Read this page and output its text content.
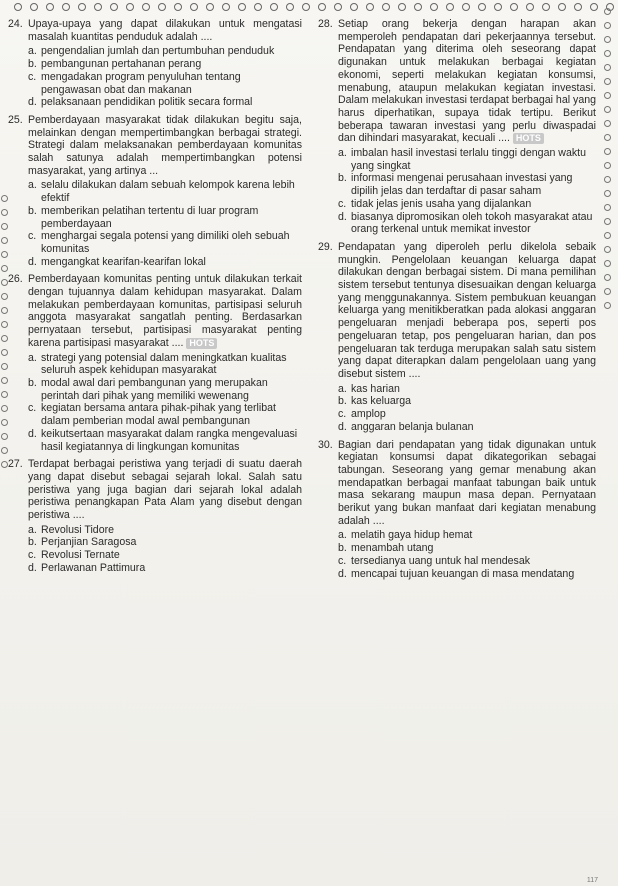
24. Upaya-upaya yang dapat dilakukan untuk mengatasi masalah kuantitas penduduk adalah ....
a. pengendalian jumlah dan pertumbuhan penduduk
b. pembangunan pertahanan perang
c. mengadakan program penyuluhan tentang pengawasan obat dan makanan
d. pelaksanaan pendidikan politik secara formal
25. Pemberdayaan masyarakat tidak dilakukan begitu saja, melainkan dengan mempertimbangkan berbagai strategi. Strategi dalam melaksanakan pemberdayaan komunitas salah satunya adalah mempertimbangkan potensi masyarakat, yang artinya ...
a. selalu dilakukan dalam sebuah kelompok karena lebih efektif
b. memberikan pelatihan tertentu di luar program pemberdayaan
c. menghargai segala potensi yang dimiliki oleh sebuah komunitas
d. mengangkat kearifan-kearifan lokal
26. Pemberdayaan komunitas penting untuk dilakukan terkait dengan tujuannya dalam kehidupan masyarakat. Dalam melakukan pemberdayaan komunitas, partisipasi seluruh anggota masyarakat sangatlah penting. Berdasarkan pernyataan tersebut, partisipasi masyarakat penting karena partisipasi masyarakat .... HOTS
a. strategi yang potensial dalam meningkatkan kualitas seluruh aspek kehidupan masyarakat
b. modal awal dari pembangunan yang merupakan perintah dari pihak yang memiliki wewenang
c. kegiatan bersama antara pihak-pihak yang terlibat dalam pemberian modal awal pembangunan
d. keikutsertaan masyarakat dalam rangka mengevaluasi hasil kegiatannya di lingkungan komunitas
27. Terdapat berbagai peristiwa yang terjadi di suatu daerah yang dapat disebut sebagai sejarah lokal. Salah satu peristiwa yang juga bagian dari sejarah lokal adalah peristiwa penangkapan Pata Alam yang disebut dengan peristiwa ....
a. Revolusi Tidore
b. Perjanjian Saragosa
c. Revolusi Ternate
d. Perlawanan Pattimura
28. Setiap orang bekerja dengan harapan akan memperoleh pendapatan dari pekerjaannya tersebut. Pendapatan yang diterima oleh seseorang dapat digunakan untuk melakukan berbagai kegiatan ekonomi, seperti melakukan kegiatan konsumsi, menabung, ataupun melakukan kegiatan investasi. Dalam melakukan investasi terdapat berbagai hal yang harus diperhatikan, supaya tidak tertipu. Berikut beberapa tawaran investasi yang perlu diwaspadai dan dihindari masyarakat, kecuali .... HOTS
a. imbalan hasil investasi terlalu tinggi dengan waktu yang singkat
b. informasi mengenai perusahaan investasi yang dipilih jelas dan terdaftar di pasar saham
c. tidak jelas jenis usaha yang dijalankan
d. biasanya dipromosikan oleh tokoh masyarakat atau orang terkenal untuk memikat investor
29. Pendapatan yang diperoleh perlu dikelola sebaik mungkin. Pengelolaan keuangan keluarga dapat dilakukan dengan berbagai sistem. Di mana pemilihan sistem tersebut tentunya disesuaikan dengan keluarga yang menggunakannya. Sistem pembukuan keuangan keluarga yang menitikberatkan pada alokasi anggaran pengeluaran menjadi beberapa pos, seperti pos pengeluaran tetap, pos pengeluaran harian, dan pos pengeluaran tak terduga merupakan salah satu sistem yang dapat diterapkan dalam pengelolaan uang yang disebut sistem ....
a. kas harian
b. kas keluarga
c. amplop
d. anggaran belanja bulanan
30. Bagian dari pendapatan yang tidak digunakan untuk kegiatan konsumsi dapat dikategorikan sebagai tabungan. Seseorang yang gemar menabung akan mendapatkan berbagai manfaat tabungan baik untuk masa sekarang maupun masa depan. Pernyataan berikut yang bukan manfaat dari kegiatan menabung adalah ....
a. melatih gaya hidup hemat
b. menambah utang
c. tersedianya uang untuk hal mendesak
d. mencapai tujuan keuangan di masa mendatang
117
